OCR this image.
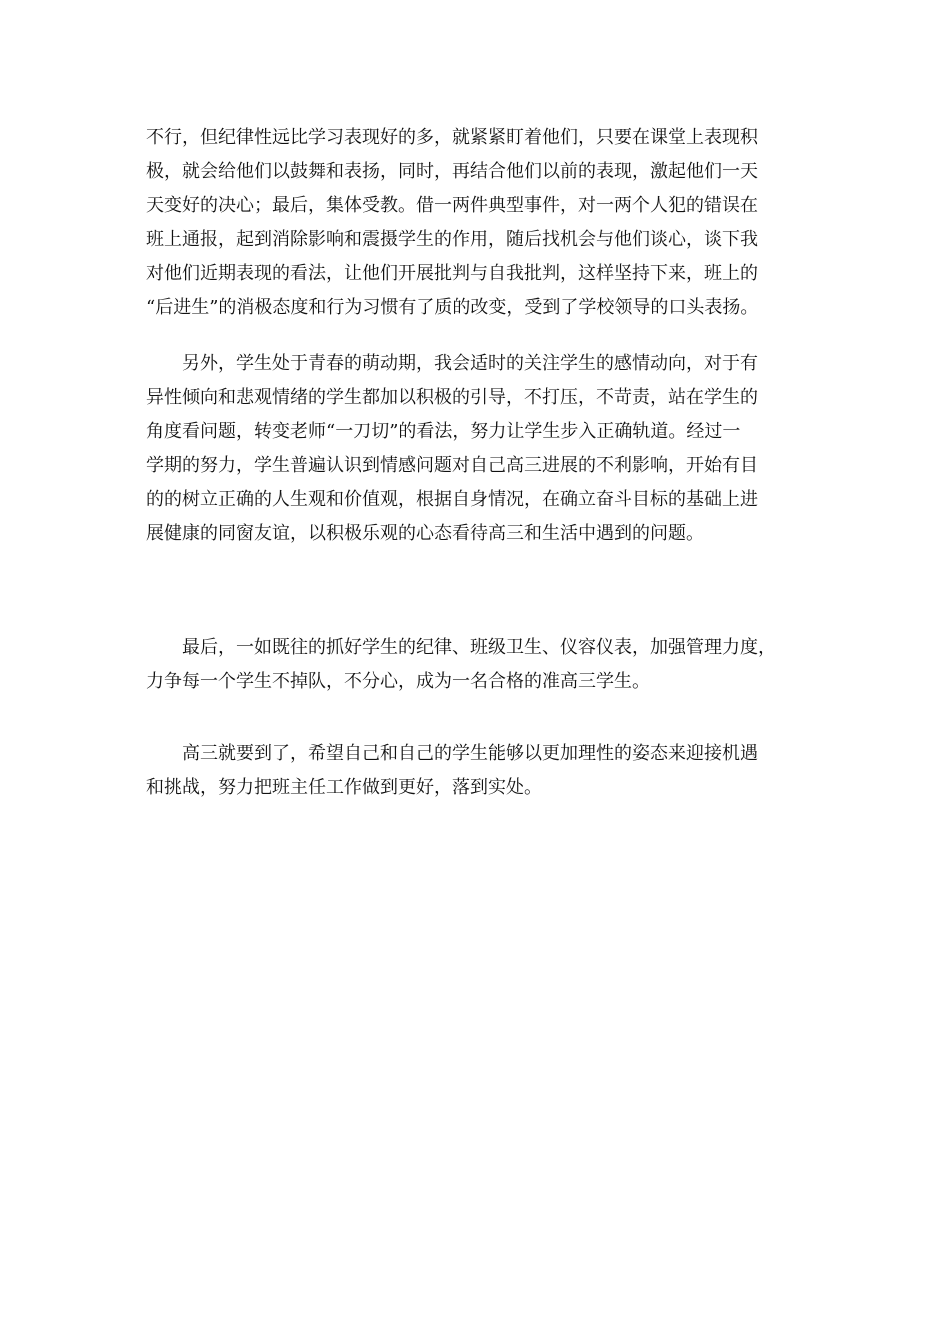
不行，但纪律性远比学习表现好的多，就紧紧盯着他们，只要在课堂上表现积

极，就会给他们以鼓舞和表扬，同时，再结合他们以前的表现，激起他们一天

天变好的决心；最后，集体受教。借一两件典型事件，对一两个人犯的错误在

班上通报，起到消除影响和震摄学生的作用，随后找机会与他们谈心，谈下我

对他们近期表现的看法，让他们开展批判与自我批判，这样坚持下来，班上的

“后进生”的消极态度和行为习惯有了质的改变，受到了学校领导的口头表扬。

　　另外，学生处于青春的萌动期，我会适时的关注学生的感情动向，对于有

异性倾向和悲观情绪的学生都加以积极的引导，不打压，不苛责，站在学生的

角度看问题，转变老师“一刀切”的看法，努力让学生步入正确轨道。经过一

学期的努力，学生普遍认识到情感问题对自己高三进展的不利影响，开始有目

的的树立正确的人生观和价值观，根据自身情况，在确立奋斗目标的基础上进

展健康的同窗友谊，以积极乐观的心态看待高三和生活中遇到的问题。

　　最后，一如既往的抓好学生的纪律、班级卫生、仪容仪表，加强管理力度，

力争每一个学生不掉队，不分心，成为一名合格的准高三学生。

　　高三就要到了，希望自己和自己的学生能够以更加理性的姿态来迎接机遇

和挑战，努力把班主任工作做到更好，落到实处。
